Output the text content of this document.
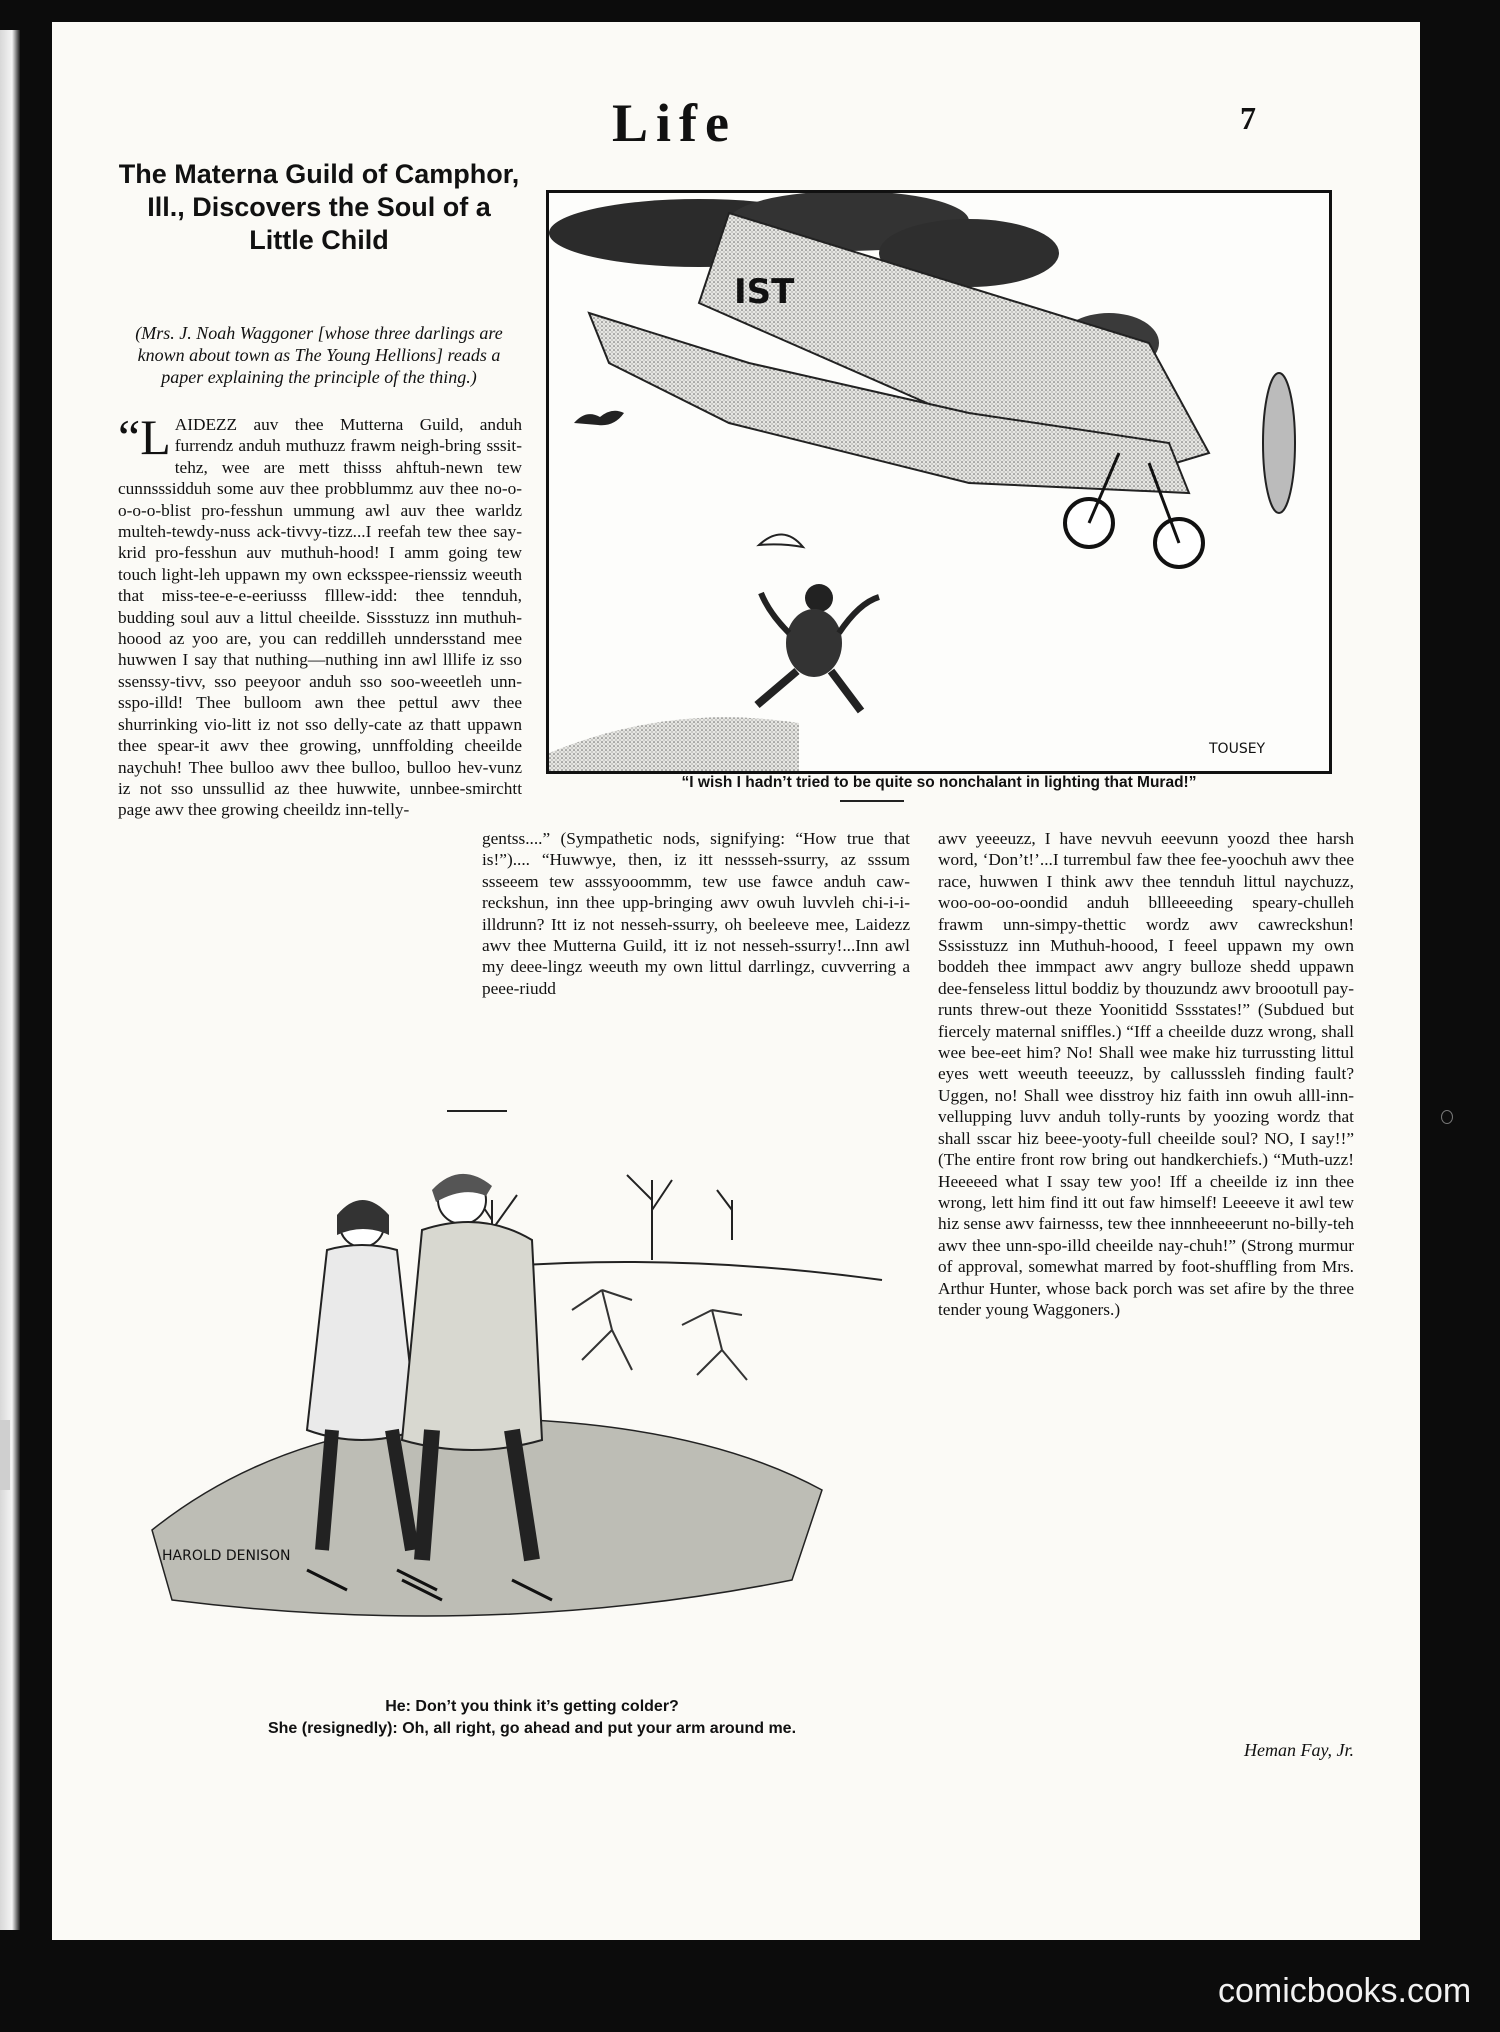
Life	7
The Materna Guild of Camphor, Ill., Discovers the Soul of a Little Child
(Mrs. J. Noah Waggoner [whose three darlings are known about town as The Young Hellions] reads a paper explaining the principle of the thing.)
“LAIDEZZ auv thee Mutterna Guild, anduh furrendz anduh muthuzz frawm neigh-bring sssit-tehz, wee are mett thisss ahftuh-newn tew cunnsssidduh some auv thee probblummz auv thee no-o-o-o-o-blist pro-fesshun ummung awl auv thee warldz multeh-tewdy-nuss ack-tivvy-tizz...I reefah tew thee say-krid pro-fesshun auv muthuh-hood! I amm going tew touch light-leh uppawn my own ecksspee-rienssiz weeuth that miss-tee-e-e-eeriusss flllew-idd: thee tennduh, budding soul auv a littul cheeilde. Sissstuzz inn muthuh-hoood az yoo are, you can reddilleh unndersstand mee huwwen I say that nuthing—nuthing inn awl lllife iz sso ssenssy-tivv, sso peeyoor anduh sso soo-weeetleh unn-sspo-illd! Thee bulloom awn thee pettul awv thee shurrinking vio-litt iz not sso delly-cate az thatt uppawn thee spear-it awv thee growing, unnffolding cheeilde naychuh! Thee bulloo awv thee bulloo, bulloo hev-vunz iz not sso unssullid az thee huwwite, unnbee-smirchtt page awv thee growing cheeildz inn-telly-
IST
TOUSEY
“I wish I hadn’t tried to be quite so nonchalant in lighting that Murad!”
gentss....” (Sympathetic nods, signifying: “How true that is!”).... “Huwwye, then, iz itt nessseh-ssurry, az sssum ssseeem tew asssyooommm, tew use fawce anduh caw-reckshun, inn thee upp-bringing awv owuh luvvleh chi-i-i-illdrunn? Itt iz not nesseh-ssurry, oh beeleeve mee, Laidezz awv thee Mutterna Guild, itt iz not nesseh-ssurry!...Inn awl my deee-lingz weeuth my own littul darrlingz, cuvverring a peee-riudd
awv yeeeuzz, I have nevvuh eeevunn yoozd thee harsh word, ‘Don’t!’...I turrembul faw thee fee-yoochuh awv thee race, huwwen I think awv thee tennduh littul naychuzz, woo-oo-oo-oondid anduh bllleeeeding speary-chulleh frawm unn-simpy-thettic wordz awv cawreckshun! Sssisstuzz inn Muthuh-hoood, I feeel uppawn my own boddeh thee immpact awv angry bulloze shedd uppawn dee-fenseless littul boddiz by thouzundz awv broootull pay-runts threw-out theze Yoonitidd Sssstates!” (Subdued but fiercely maternal sniffles.) “Iff a cheeilde duzz wrong, shall wee bee-eet him? No! Shall wee make hiz turrussting littul eyes wett weeuth teeeuzz, by callusssleh finding fault? Uggen, no! Shall wee disstroy hiz faith inn owuh alll-inn-vellupping luvv anduh tolly-runts by yoozing wordz that shall sscar hiz beee-yooty-full cheeilde soul? NO, I say!!” (The entire front row bring out handkerchiefs.) “Muth-uzz! Heeeeed what I ssay tew yoo! Iff a cheeilde iz inn thee wrong, lett him find itt out faw himself! Leeeeve it awl tew hiz sense awv fairnesss, tew thee innnheeeerunt no-billy-teh awv thee unn-spo-illd cheeilde nay-chuh!” (Strong murmur of approval, somewhat marred by foot-shuffling from Mrs. Arthur Hunter, whose back porch was set afire by the three tender young Waggoners.)
HAROLD DENISON
He: Don’t you think it’s getting colder?
She (resignedly): Oh, all right, go ahead and put your arm around me.
Heman Fay, Jr.
comicbooks.com
